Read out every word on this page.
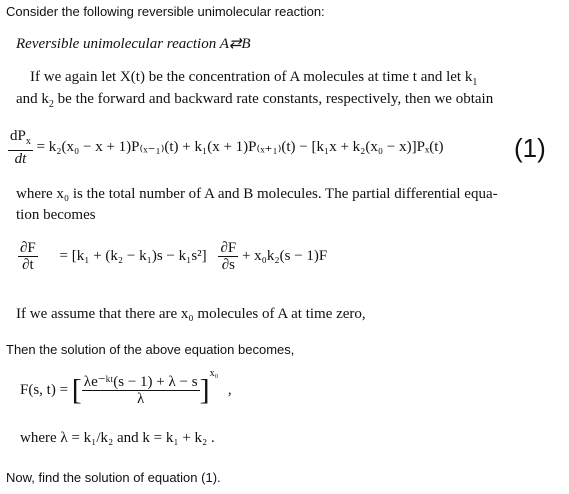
Consider the following reversible unimolecular reaction:
Reversible unimolecular reaction A⇄B
If we again let X(t) be the concentration of A molecules at time t and let $k_1$
and $k_2$ be the forward and backward rate constants, respectively, then we obtain
$\frac{dP_x}{dt} = k_2(x_0 - x + 1)P_{(x-1)}(t) + k_1(x + 1)P_{(x+1)}(t) - [k_1x + k_2(x_0 - x)]P_x(t)$	(1)
where x₀ is the total number of A and B molecules. The partial differential equa-
tion becomes
$\frac{\partial F}{\partial t} = [k_1 + (k_2 - k_1)s - k_1s^2] \frac{\partial F}{\partial s} + x_0k_2(s - 1)F$
If we assume that there are x₀ molecules of A at time zero,
Then the solution of the above equation becomes,
F(s, t) = [ $\frac{\text{λe⁻ᵏᵗ(s − 1) + λ − s}}{\lambda} ]^{x_0}$ ,
where λ = k₁/k₂ and k = k₁ + k₂ .
Now, find the solution of equation (1).
